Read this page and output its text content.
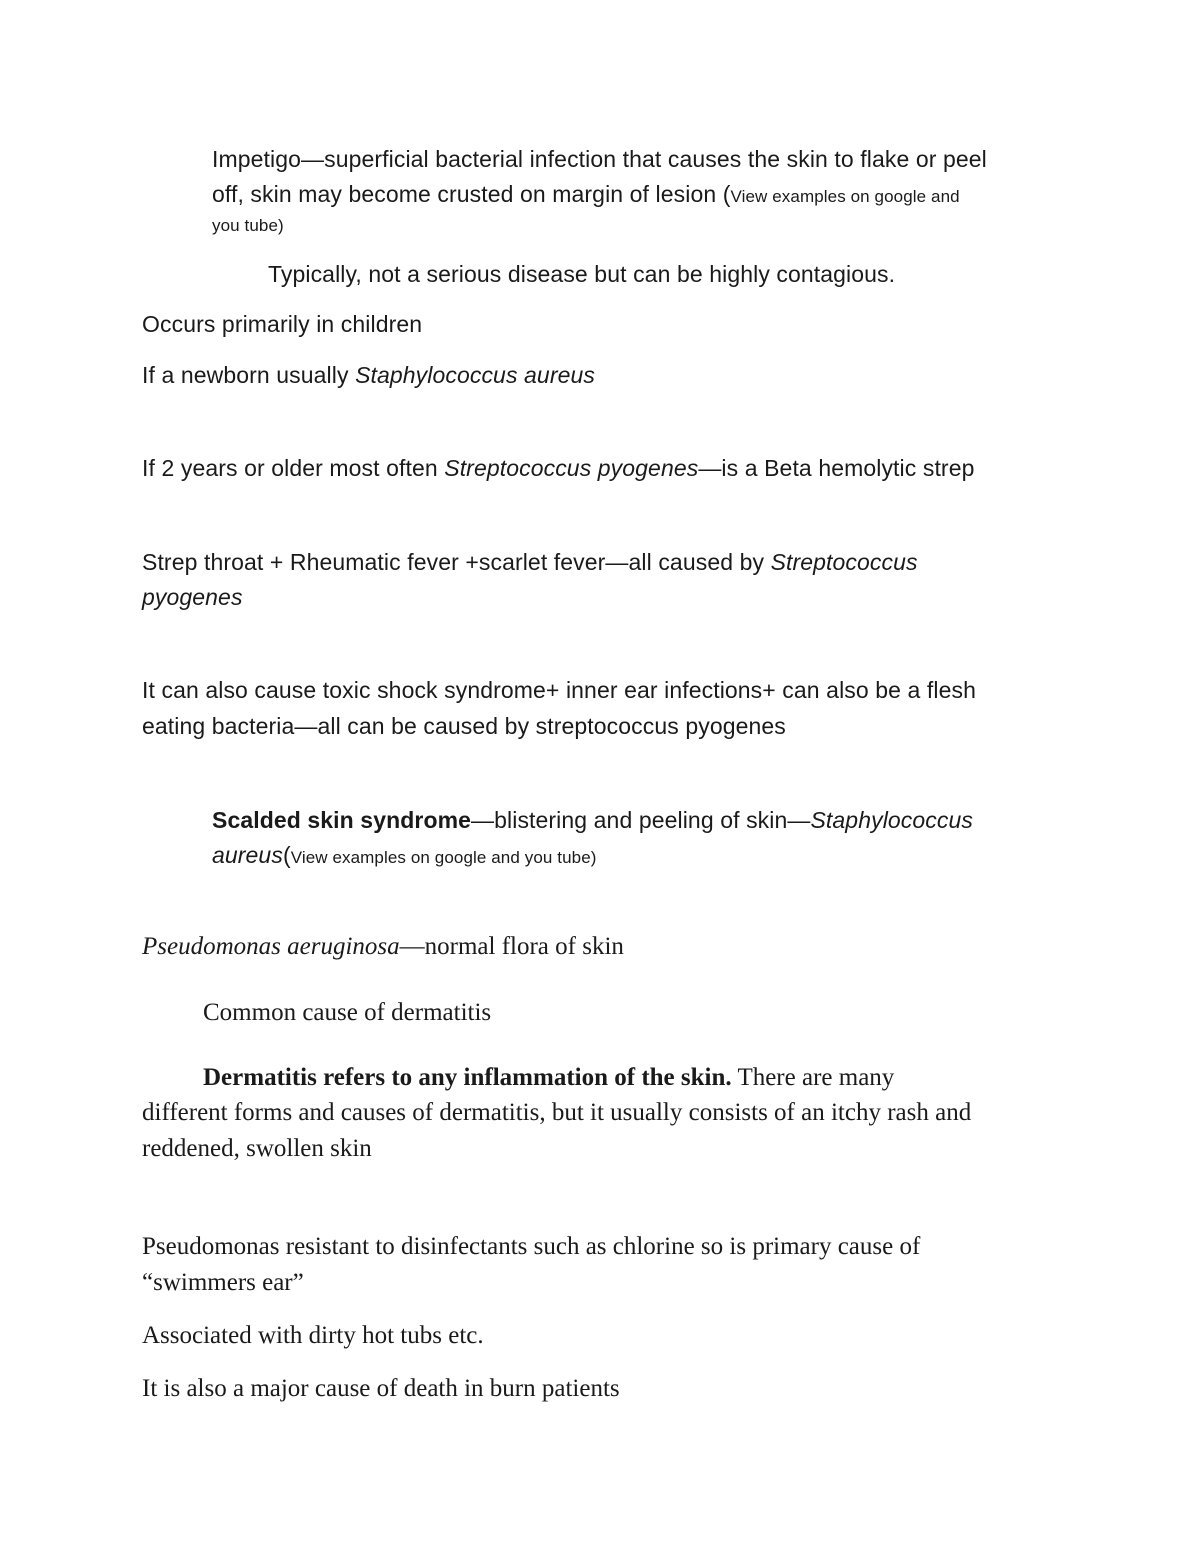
Impetigo—superficial bacterial infection that causes the skin to flake or peel

off, skin may become crusted on margin of lesion (View examples on google and

you tube)

Typically, not a serious disease but can be highly contagious.

Occurs primarily in children

If a newborn usually Staphylococcus aureus

If 2 years or older most often Streptococcus pyogenes—is a Beta hemolytic strep

Strep throat + Rheumatic fever +scarlet fever—all caused by Streptococcus

pyogenes

It can also cause toxic shock syndrome+ inner ear infections+ can also be a flesh

eating bacteria—all can be caused by streptococcus pyogenes

Scalded skin syndrome—blistering and peeling of skin—Staphylococcus

aureus(View examples on google and you tube)

Pseudomonas aeruginosa—normal flora of skin

Common cause of dermatitis

Dermatitis refers to any inflammation of the skin. There are many

different forms and causes of dermatitis, but it usually consists of an itchy rash and

reddened, swollen skin

Pseudomonas resistant to disinfectants such as chlorine so is primary cause of

“swimmers ear”

Associated with dirty hot tubs etc.

It is also a major cause of death in burn patients
